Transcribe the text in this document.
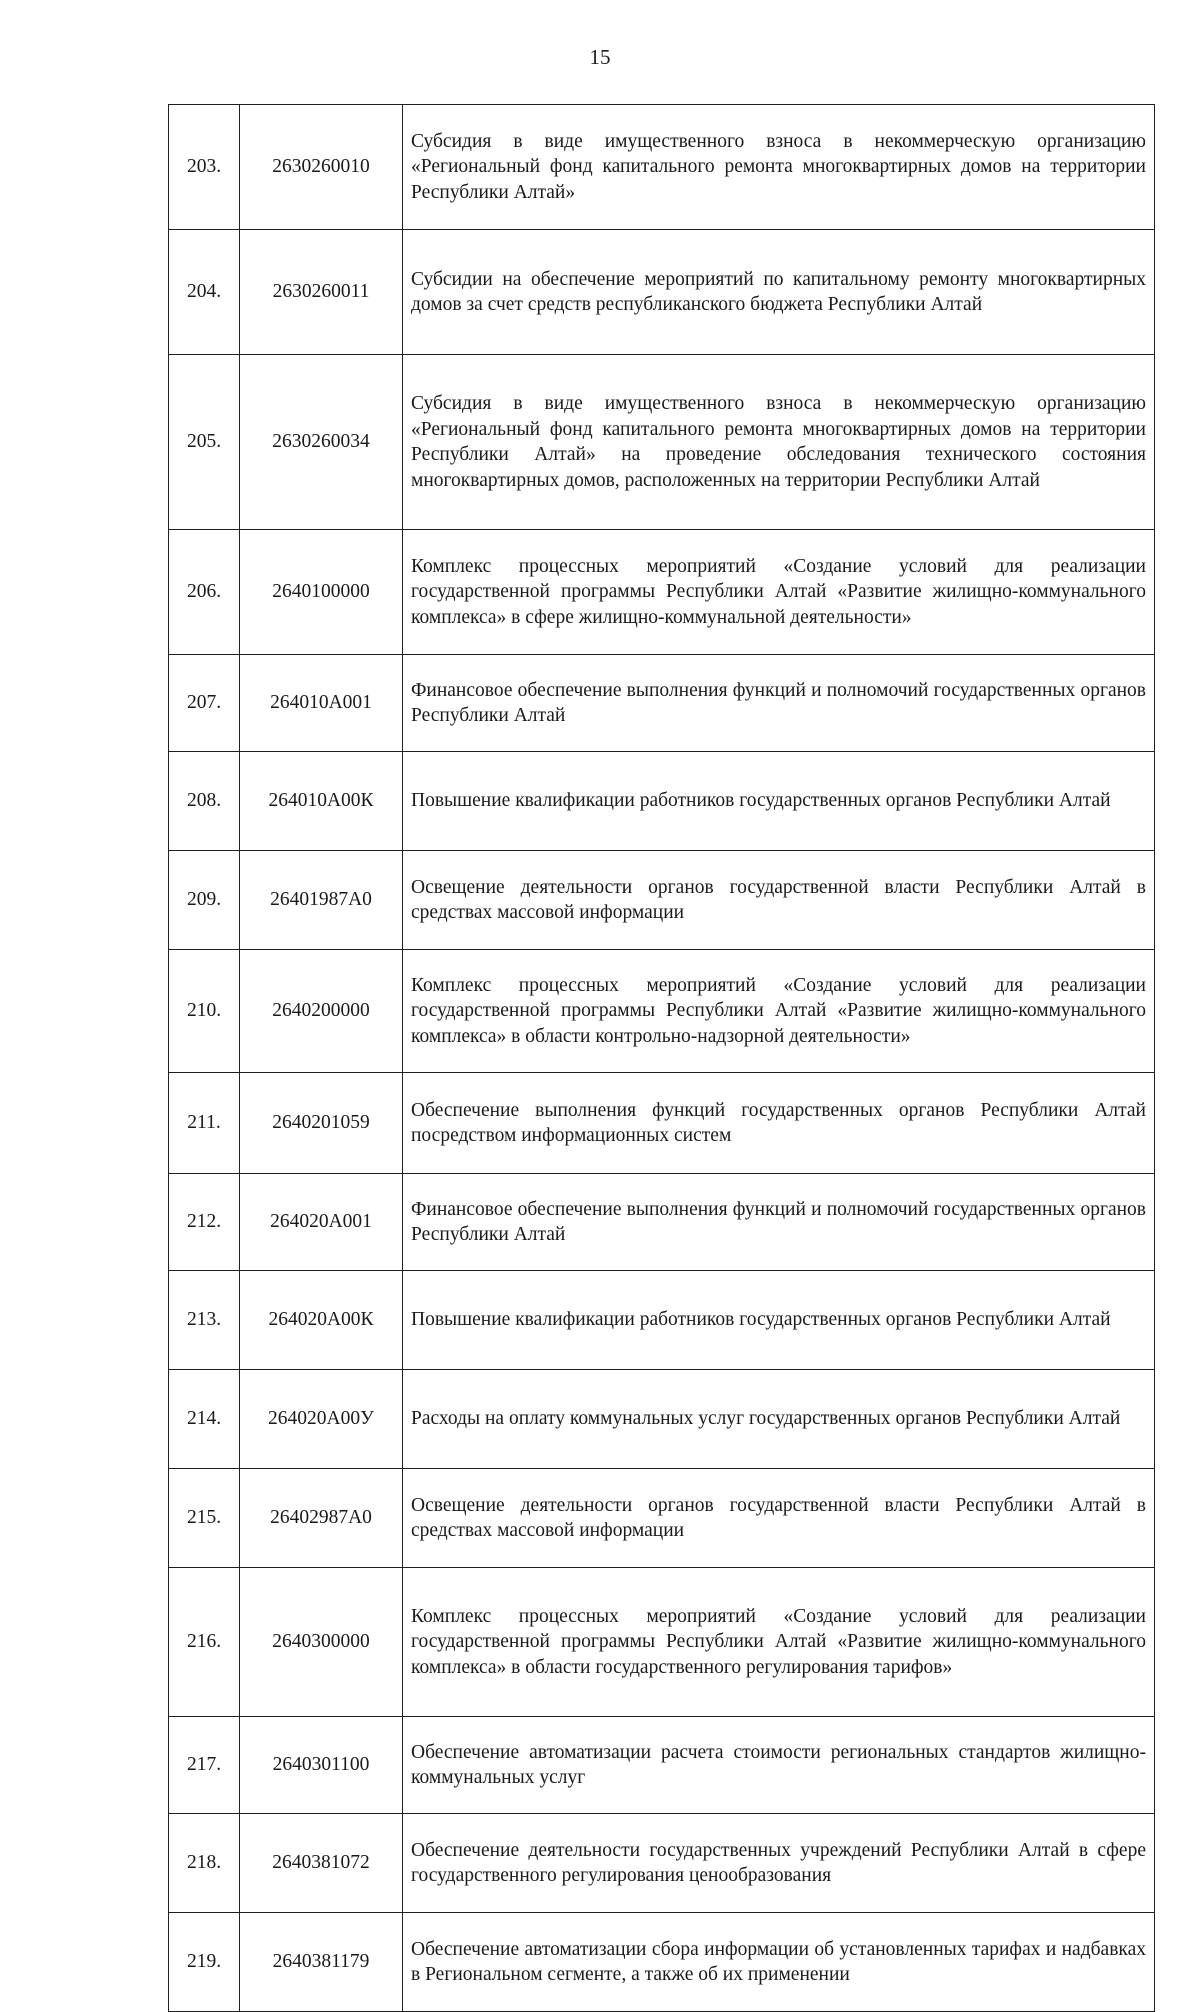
15
203.	2630260010	Субсидия в виде имущественного взноса в некоммерческую организацию «Региональный фонд капитального ремонта многоквартирных домов на территории Республики Алтай»
204.	2630260011	Субсидии на обеспечение мероприятий по капитальному ремонту многоквартирных домов за счет средств республиканского бюджета Республики Алтай
205.	2630260034	Субсидия в виде имущественного взноса в некоммерческую организацию «Региональный фонд капитального ремонта многоквартирных домов на территории Республики Алтай» на проведение обследования технического состояния многоквартирных домов, расположенных на территории Республики Алтай
206.	2640100000	Комплекс процессных мероприятий «Создание условий для реализации государственной программы Республики Алтай «Развитие жилищно-коммунального комплекса» в сфере жилищно-коммунальной деятельности»
207.	264010А001	Финансовое обеспечение выполнения функций и полномочий государственных органов Республики Алтай
208.	264010А00К	Повышение квалификации работников государственных органов Республики Алтай
209.	26401987А0	Освещение деятельности органов государственной власти Республики Алтай в средствах массовой информации
210.	2640200000	Комплекс процессных мероприятий «Создание условий для реализации государственной программы Республики Алтай «Развитие жилищно-коммунального комплекса» в области контрольно-надзорной деятельности»
211.	2640201059	Обеспечение выполнения функций государственных органов Республики Алтай посредством информационных систем
212.	264020А001	Финансовое обеспечение выполнения функций и полномочий государственных органов Республики Алтай
213.	264020А00К	Повышение квалификации работников государственных органов Республики Алтай
214.	264020А00У	Расходы на оплату коммунальных услуг государственных органов Республики Алтай
215.	26402987А0	Освещение деятельности органов государственной власти Республики Алтай в средствах массовой информации
216.	2640300000	Комплекс процессных мероприятий «Создание условий для реализации государственной программы Республики Алтай «Развитие жилищно-коммунального комплекса» в области государственного регулирования тарифов»
217.	2640301100	Обеспечение автоматизации расчета стоимости региональных стандартов жилищно-коммунальных услуг
218.	2640381072	Обеспечение деятельности государственных учреждений Республики Алтай в сфере государственного регулирования ценообразования
219.	2640381179	Обеспечение автоматизации сбора информации об установленных тарифах и надбавках в Региональном сегменте, а также об их применении
